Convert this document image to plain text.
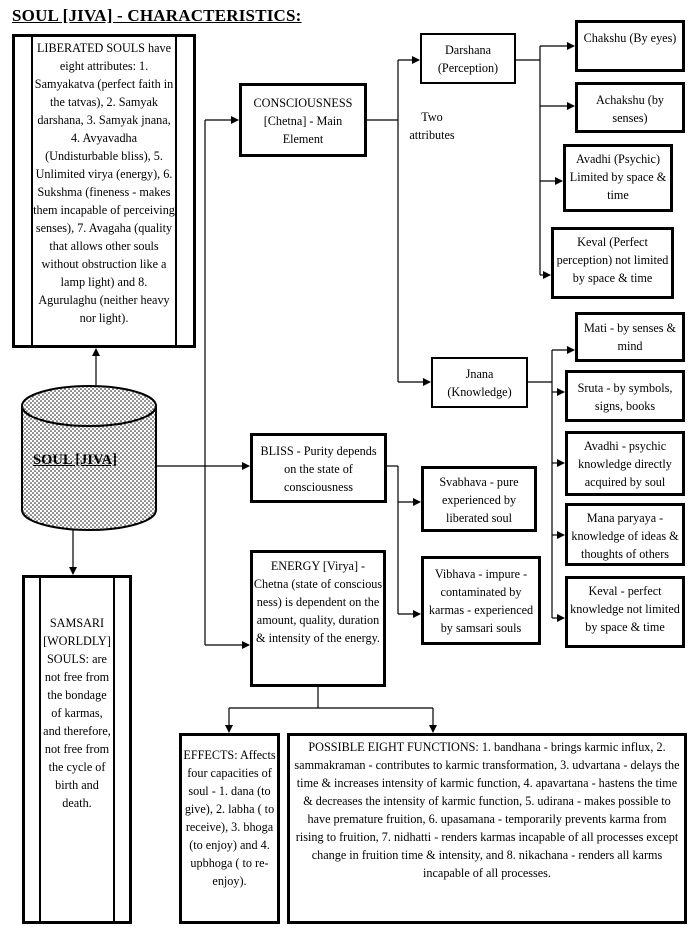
SOUL [JIVA] - CHARACTERISTICS:
LIBERATED SOULS have eight attributes: 1. Samyakatva (perfect faith in the tatvas), 2. Samyak darshana, 3. Samyak jnana, 4. Avyavadha (Undisturbable bliss), 5. Unlimited virya (energy), 6. Sukshma (fineness - makes them incapable of perceiving senses), 7. Avagaha (quality that allows other souls without obstruction like a lamp light) and 8. Agurulaghu (neither heavy nor light).
SOUL [JIVA]
SAMSARI [WORLDLY] SOULS: are not free from the bondage of karmas, and therefore, not free from the cycle of birth and death.
CONSCIOUSNESS [Chetna] - Main Element
Two attributes
BLISS - Purity depends on the state of consciousness
ENERGY [Virya] - Chetna (state of conscious ness) is dependent on the amount, quality, duration & intensity of the energy.
Darshana (Perception)
Jnana (Knowledge)
Chakshu (By eyes)
Achakshu (by senses)
Avadhi (Psychic) Limited by space & time
Keval (Perfect perception) not limited by space & time
Mati - by senses & mind
Sruta - by symbols, signs, books
Avadhi - psychic knowledge directly acquired by soul
Mana paryaya - knowledge of ideas & thoughts of others
Keval - perfect knowledge not limited by space & time
Svabhava - pure experienced by liberated soul
Vibhava - impure - contaminated by karmas - experienced by samsari souls
EFFECTS: Affects four capacities of soul - 1. dana (to give), 2. labha ( to receive), 3. bhoga (to enjoy) and 4. upbhoga ( to re-enjoy).
POSSIBLE EIGHT FUNCTIONS: 1. bandhana - brings karmic influx, 2. sammakraman - contributes to karmic transformation, 3. udvartana - delays the time & increases intensity of karmic function, 4. apavartana - hastens the time & decreases the intensity of karmic function, 5. udirana - makes possible to have premature fruition, 6. upasamana - temporarily prevents karma from rising to fruition, 7. nidhatti - renders karmas incapable of all processes except change in fruition time & intensity, and 8. nikachana - renders all karms incapable of all processes.
